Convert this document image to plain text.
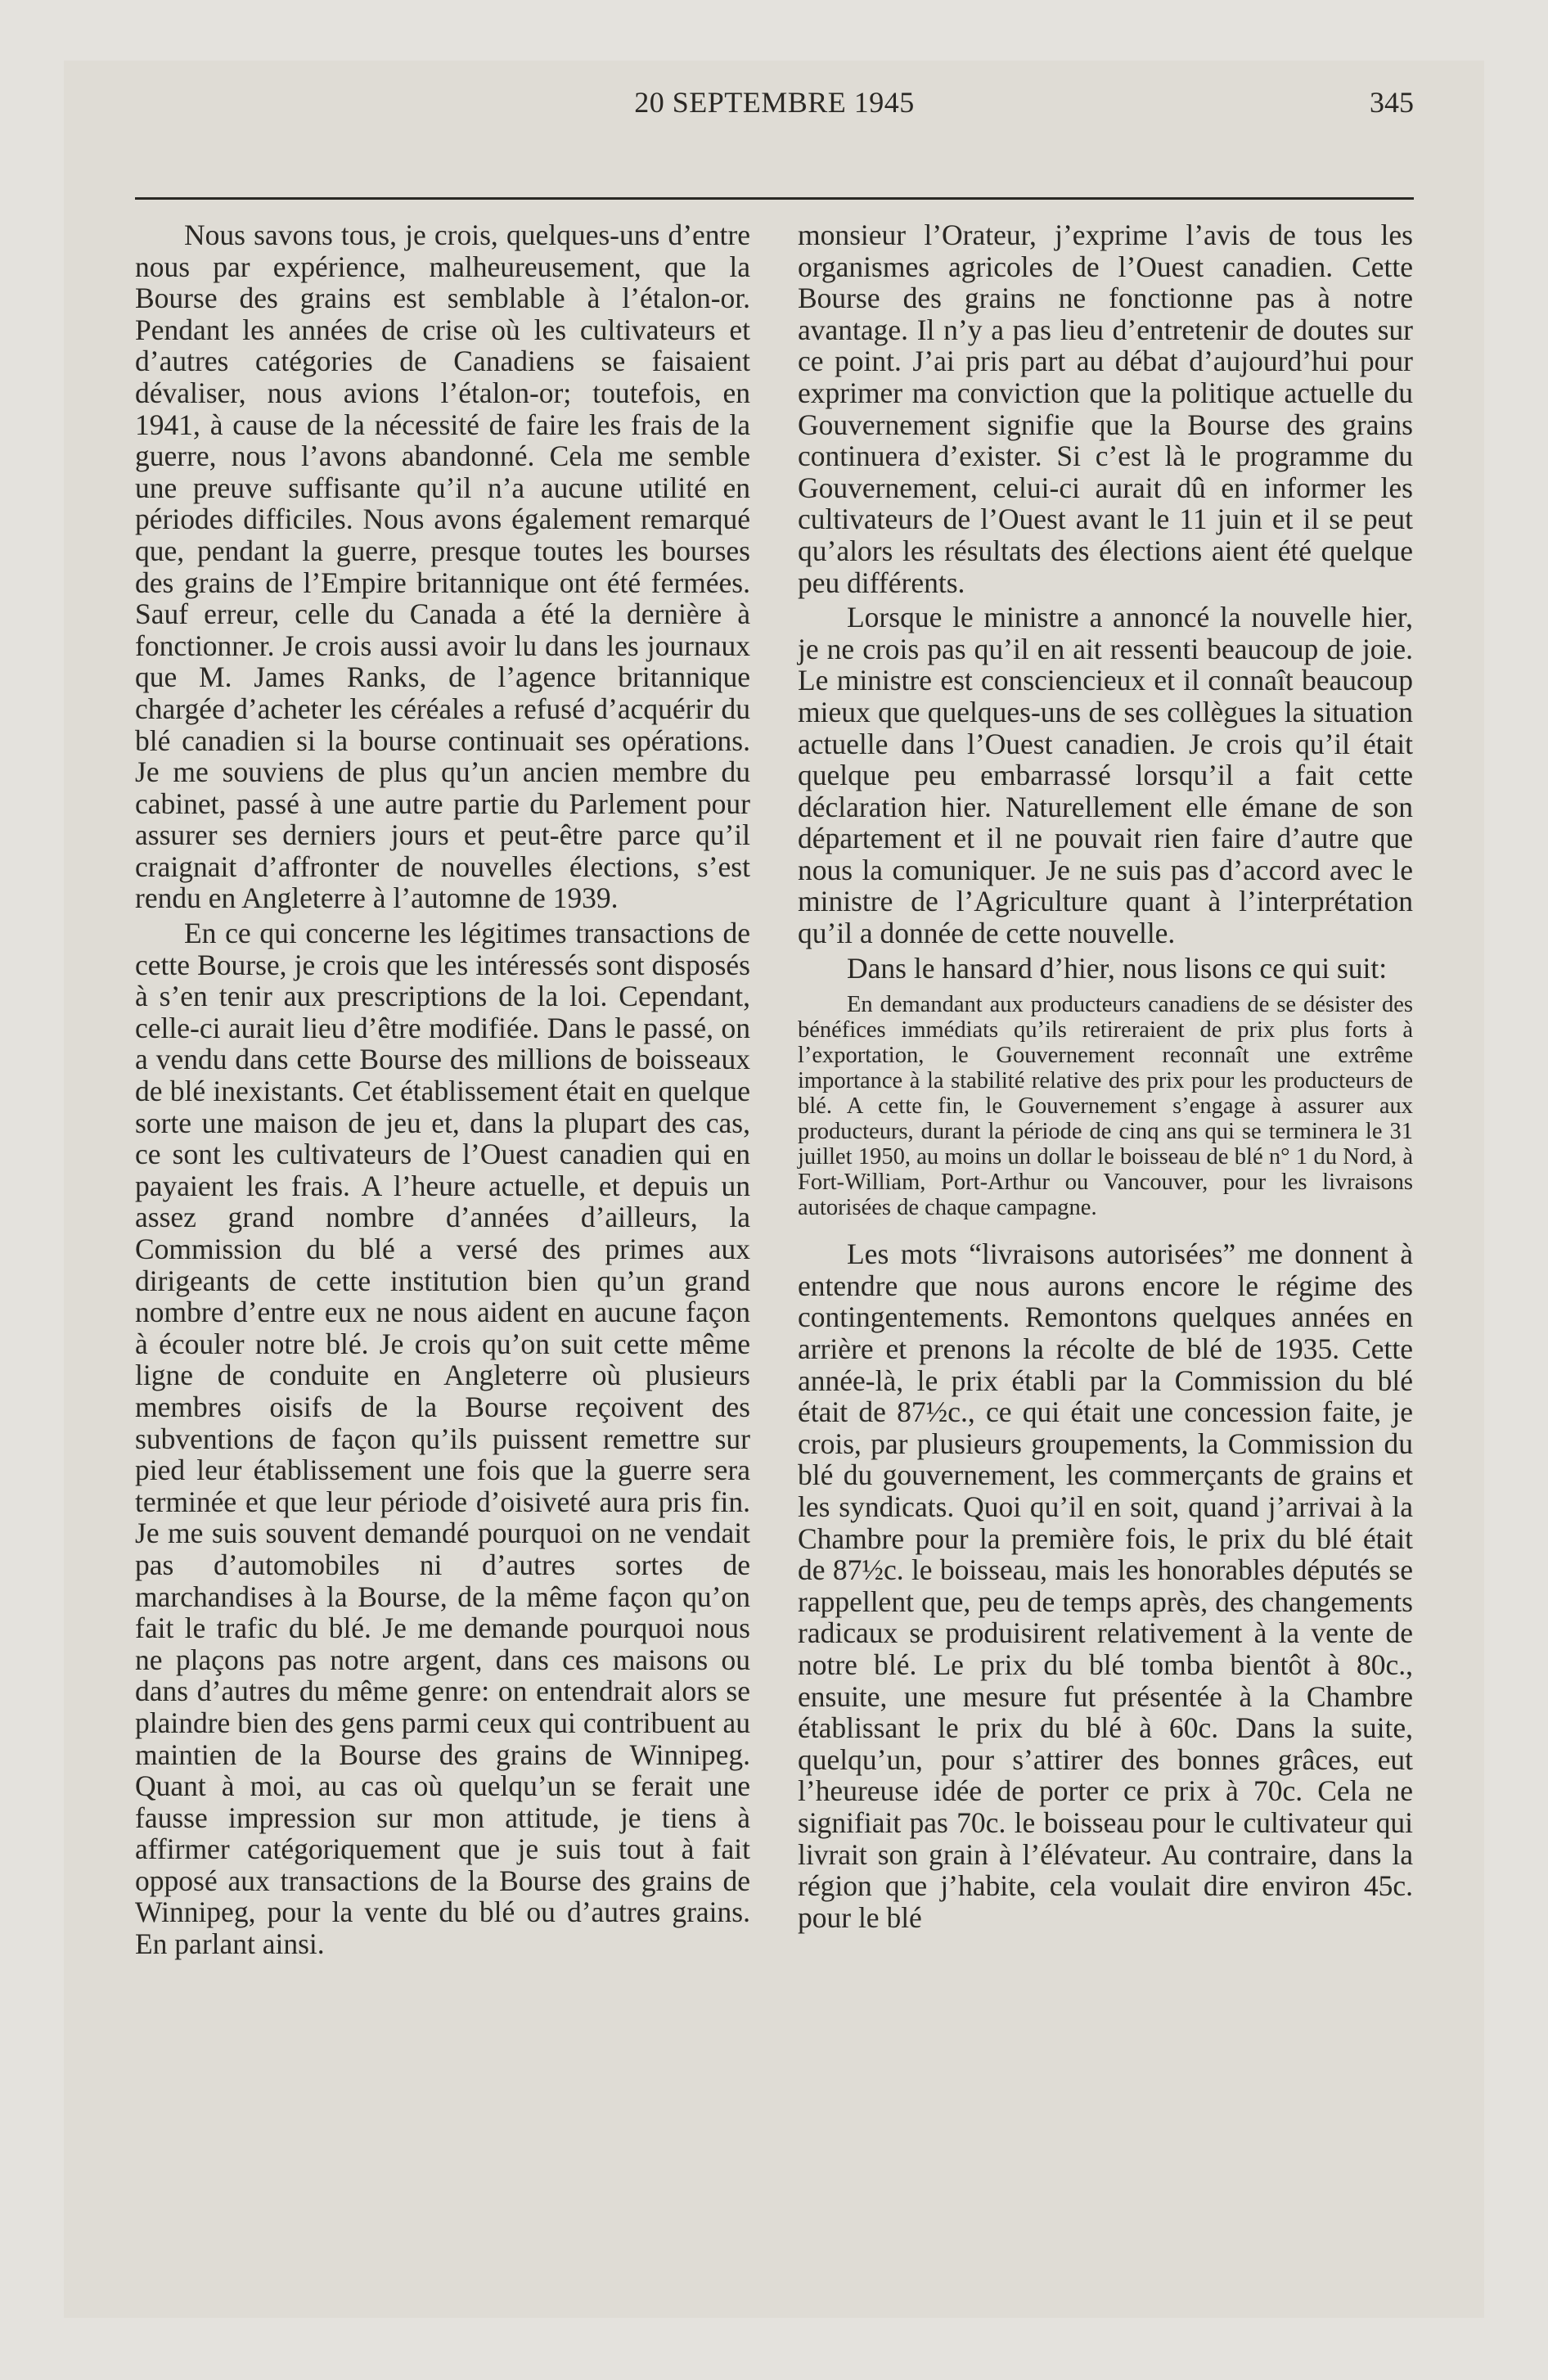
20 SEPTEMBRE 1945	345

Nous savons tous, je crois, quelques-uns d’entre nous par expérience, malheureusement, que la Bourse des grains est semblable à l’étalon-or. Pendant les années de crise où les cultivateurs et d’autres catégories de Canadiens se faisaient dévaliser, nous avions l’étalon-or; toutefois, en 1941, à cause de la nécessité de faire les frais de la guerre, nous l’avons abandonné. Cela me semble une preuve suffisante qu’il n’a aucune utilité en périodes difficiles. Nous avons également remarqué que, pendant la guerre, presque toutes les bourses des grains de l’Empire britannique ont été fermées. Sauf erreur, celle du Canada a été la dernière à fonctionner. Je crois aussi avoir lu dans les journaux que M. James Ranks, de l’agence britannique chargée d’acheter les céréales a refusé d’acquérir du blé canadien si la bourse continuait ses opérations. Je me souviens de plus qu’un ancien membre du cabinet, passé à une autre partie du Parlement pour assurer ses derniers jours et peut-être parce qu’il craignait d’affronter de nouvelles élections, s’est rendu en Angleterre à l’automne de 1939.

En ce qui concerne les légitimes transactions de cette Bourse, je crois que les intéressés sont disposés à s’en tenir aux prescriptions de la loi. Cependant, celle-ci aurait lieu d’être modifiée. Dans le passé, on a vendu dans cette Bourse des millions de boisseaux de blé inexistants. Cet établissement était en quelque sorte une maison de jeu et, dans la plupart des cas, ce sont les cultivateurs de l’Ouest canadien qui en payaient les frais. A l’heure actuelle, et depuis un assez grand nombre d’années d’ailleurs, la Commission du blé a versé des primes aux dirigeants de cette institution bien qu’un grand nombre d’entre eux ne nous aident en aucune façon à écouler notre blé. Je crois qu’on suit cette même ligne de conduite en Angleterre où plusieurs membres oisifs de la Bourse reçoivent des subventions de façon qu’ils puissent remettre sur pied leur établissement une fois que la guerre sera terminée et que leur période d’oisiveté aura pris fin. Je me suis souvent demandé pourquoi on ne vendait pas d’automobiles ni d’autres sortes de marchandises à la Bourse, de la même façon qu’on fait le trafic du blé. Je me demande pourquoi nous ne plaçons pas notre argent, dans ces maisons ou dans d’autres du même genre: on entendrait alors se plaindre bien des gens parmi ceux qui contribuent au maintien de la Bourse des grains de Winnipeg. Quant à moi, au cas où quelqu’un se ferait une fausse impression sur mon attitude, je tiens à affirmer catégoriquement que je suis tout à fait opposé aux transactions de la Bourse des grains de Winnipeg, pour la vente du blé ou d’autres grains. En parlant ainsi.

monsieur l’Orateur, j’exprime l’avis de tous les organismes agricoles de l’Ouest canadien. Cette Bourse des grains ne fonctionne pas à notre avantage. Il n’y a pas lieu d’entretenir de doutes sur ce point. J’ai pris part au débat d’aujourd’hui pour exprimer ma conviction que la politique actuelle du Gouvernement signifie que la Bourse des grains continuera d’exister. Si c’est là le programme du Gouvernement, celui-ci aurait dû en informer les cultivateurs de l’Ouest avant le 11 juin et il se peut qu’alors les résultats des élections aient été quelque peu différents.

Lorsque le ministre a annoncé la nouvelle hier, je ne crois pas qu’il en ait ressenti beaucoup de joie. Le ministre est consciencieux et il connaît beaucoup mieux que quelques-uns de ses collègues la situation actuelle dans l’Ouest canadien. Je crois qu’il était quelque peu embarrassé lorsqu’il a fait cette déclaration hier. Naturellement elle émane de son département et il ne pouvait rien faire d’autre que nous la comuniquer. Je ne suis pas d’accord avec le ministre de l’Agriculture quant à l’interprétation qu’il a donnée de cette nouvelle.

Dans le hansard d’hier, nous lisons ce qui suit:

En demandant aux producteurs canadiens de se désister des bénéfices immédiats qu’ils retireraient de prix plus forts à l’exportation, le Gouvernement reconnaît une extrême importance à la stabilité relative des prix pour les producteurs de blé. A cette fin, le Gouvernement s’engage à assurer aux producteurs, durant la période de cinq ans qui se terminera le 31 juillet 1950, au moins un dollar le boisseau de blé n° 1 du Nord, à Fort-William, Port-Arthur ou Vancouver, pour les livraisons autorisées de chaque campagne.

Les mots “livraisons autorisées” me donnent à entendre que nous aurons encore le régime des contingentements. Remontons quelques années en arrière et prenons la récolte de blé de 1935. Cette année-là, le prix établi par la Commission du blé était de 87½c., ce qui était une concession faite, je crois, par plusieurs groupements, la Commission du blé du gouvernement, les commerçants de grains et les syndicats. Quoi qu’il en soit, quand j’arrivai à la Chambre pour la première fois, le prix du blé était de 87½c. le boisseau, mais les honorables députés se rappellent que, peu de temps après, des changements radicaux se produisirent relativement à la vente de notre blé. Le prix du blé tomba bientôt à 80c., ensuite, une mesure fut présentée à la Chambre établissant le prix du blé à 60c. Dans la suite, quelqu’un, pour s’attirer des bonnes grâces, eut l’heureuse idée de porter ce prix à 70c. Cela ne signifiait pas 70c. le boisseau pour le cultivateur qui livrait son grain à l’élévateur. Au contraire, dans la région que j’habite, cela voulait dire environ 45c. pour le blé
